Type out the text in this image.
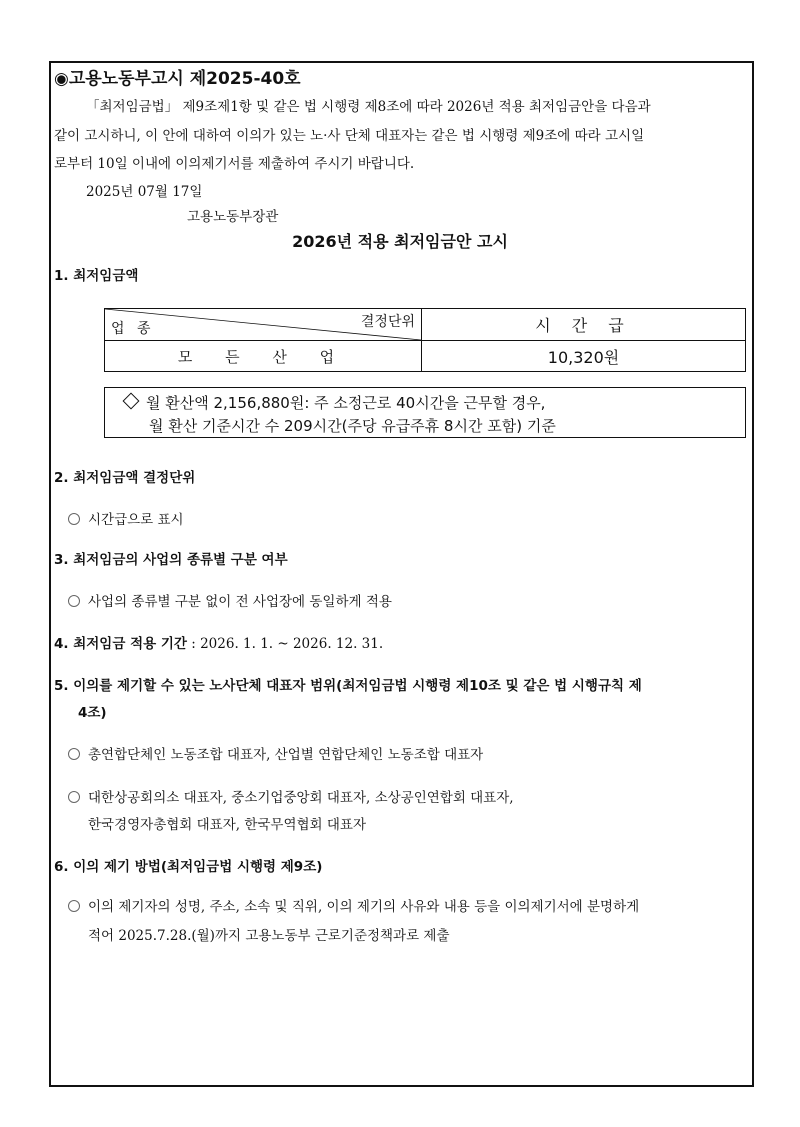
◉고용노동부고시 제2025-40호
「최저임금법」 제9조제1항 및 같은 법 시행령 제8조에 따라 2026년 적용 최저임금안을 다음과
같이 고시하니, 이 안에 대하여 이의가 있는 노·사 단체 대표자는 같은 법 시행령 제9조에 따라 고시일
로부터 10일 이내에 이의제기서를 제출하여 주시기 바랍니다.
2025년 07월 17일
고용노동부장관
2026년 적용 최저임금안 고시
1. 최저임금액
결정단위
업 종	시 간 급
모 든 산 업	10,320원
월 환산액 2,156,880원: 주 소정근로 40시간을 근무할 경우,
월 환산 기준시간 수 209시간(주당 유급주휴 8시간 포함) 기준
2. 최저임금액 결정단위
시간급으로 표시
3. 최저임금의 사업의 종류별 구분 여부
사업의 종류별 구분 없이 전 사업장에 동일하게 적용
4. 최저임금 적용 기간 : 2026. 1. 1. ~ 2026. 12. 31.
5. 이의를 제기할 수 있는 노사단체 대표자 범위(최저임금법 시행령 제10조 및 같은 법 시행규칙 제
4조)
총연합단체인 노동조합 대표자, 산업별 연합단체인 노동조합 대표자
대한상공회의소 대표자, 중소기업중앙회 대표자, 소상공인연합회 대표자,
한국경영자총협회 대표자, 한국무역협회 대표자
6. 이의 제기 방법(최저임금법 시행령 제9조)
이의 제기자의 성명, 주소, 소속 및 직위, 이의 제기의 사유와 내용 등을 이의제기서에 분명하게
적어 2025.7.28.(월)까지 고용노동부 근로기준정책과로 제출
